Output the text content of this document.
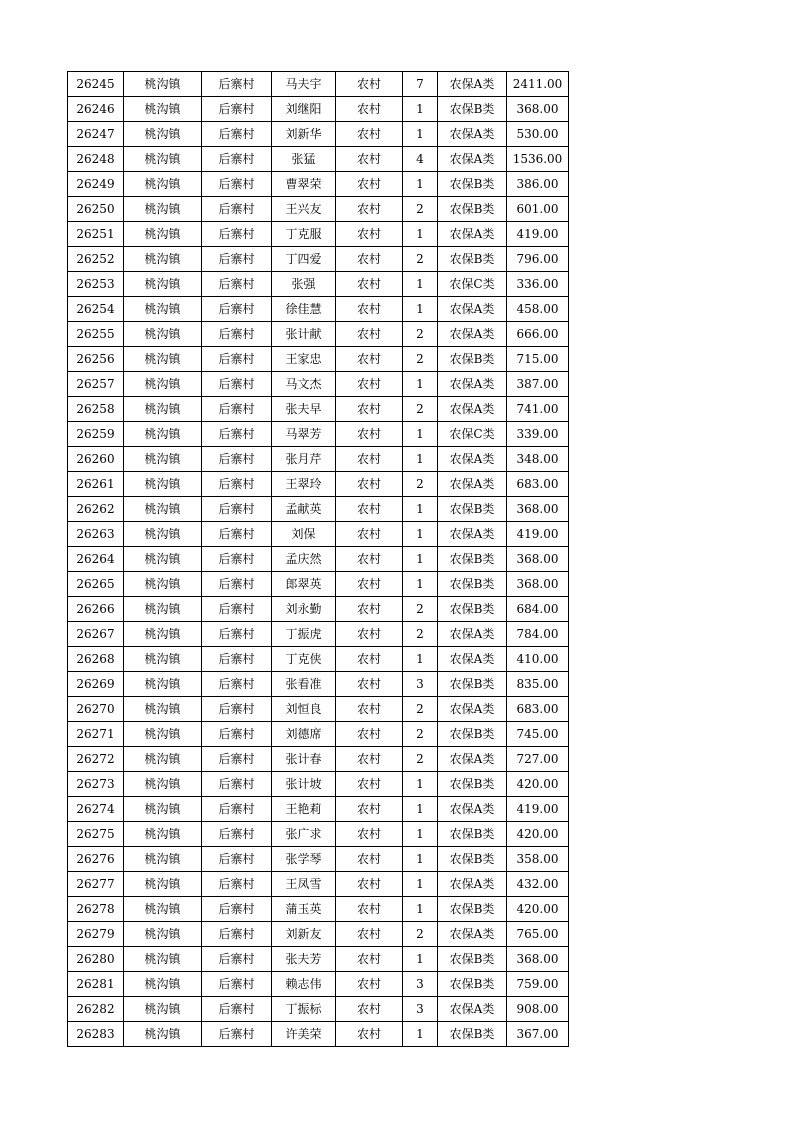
26245	桃沟镇	后寨村	马夫宇	农村	7	农保A类	2411.00
26246	桃沟镇	后寨村	刘继阳	农村	1	农保B类	368.00
26247	桃沟镇	后寨村	刘新华	农村	1	农保A类	530.00
26248	桃沟镇	后寨村	张猛	农村	4	农保A类	1536.00
26249	桃沟镇	后寨村	曹翠荣	农村	1	农保B类	386.00
26250	桃沟镇	后寨村	王兴友	农村	2	农保B类	601.00
26251	桃沟镇	后寨村	丁克服	农村	1	农保A类	419.00
26252	桃沟镇	后寨村	丁四爱	农村	2	农保B类	796.00
26253	桃沟镇	后寨村	张强	农村	1	农保C类	336.00
26254	桃沟镇	后寨村	徐佳慧	农村	1	农保A类	458.00
26255	桃沟镇	后寨村	张计献	农村	2	农保A类	666.00
26256	桃沟镇	后寨村	王家忠	农村	2	农保B类	715.00
26257	桃沟镇	后寨村	马文杰	农村	1	农保A类	387.00
26258	桃沟镇	后寨村	张夫早	农村	2	农保A类	741.00
26259	桃沟镇	后寨村	马翠芳	农村	1	农保C类	339.00
26260	桃沟镇	后寨村	张月芹	农村	1	农保A类	348.00
26261	桃沟镇	后寨村	王翠玲	农村	2	农保A类	683.00
26262	桃沟镇	后寨村	孟献英	农村	1	农保B类	368.00
26263	桃沟镇	后寨村	刘保	农村	1	农保A类	419.00
26264	桃沟镇	后寨村	孟庆然	农村	1	农保B类	368.00
26265	桃沟镇	后寨村	郎翠英	农村	1	农保B类	368.00
26266	桃沟镇	后寨村	刘永勤	农村	2	农保B类	684.00
26267	桃沟镇	后寨村	丁振虎	农村	2	农保A类	784.00
26268	桃沟镇	后寨村	丁克侠	农村	1	农保A类	410.00
26269	桃沟镇	后寨村	张看准	农村	3	农保B类	835.00
26270	桃沟镇	后寨村	刘恒良	农村	2	农保A类	683.00
26271	桃沟镇	后寨村	刘德席	农村	2	农保B类	745.00
26272	桃沟镇	后寨村	张计春	农村	2	农保A类	727.00
26273	桃沟镇	后寨村	张计坡	农村	1	农保B类	420.00
26274	桃沟镇	后寨村	王艳莉	农村	1	农保A类	419.00
26275	桃沟镇	后寨村	张广求	农村	1	农保B类	420.00
26276	桃沟镇	后寨村	张学琴	农村	1	农保B类	358.00
26277	桃沟镇	后寨村	王凤雪	农村	1	农保A类	432.00
26278	桃沟镇	后寨村	蒲玉英	农村	1	农保B类	420.00
26279	桃沟镇	后寨村	刘新友	农村	2	农保A类	765.00
26280	桃沟镇	后寨村	张夫芳	农村	1	农保B类	368.00
26281	桃沟镇	后寨村	赖志伟	农村	3	农保B类	759.00
26282	桃沟镇	后寨村	丁振标	农村	3	农保A类	908.00
26283	桃沟镇	后寨村	许美荣	农村	1	农保B类	367.00
